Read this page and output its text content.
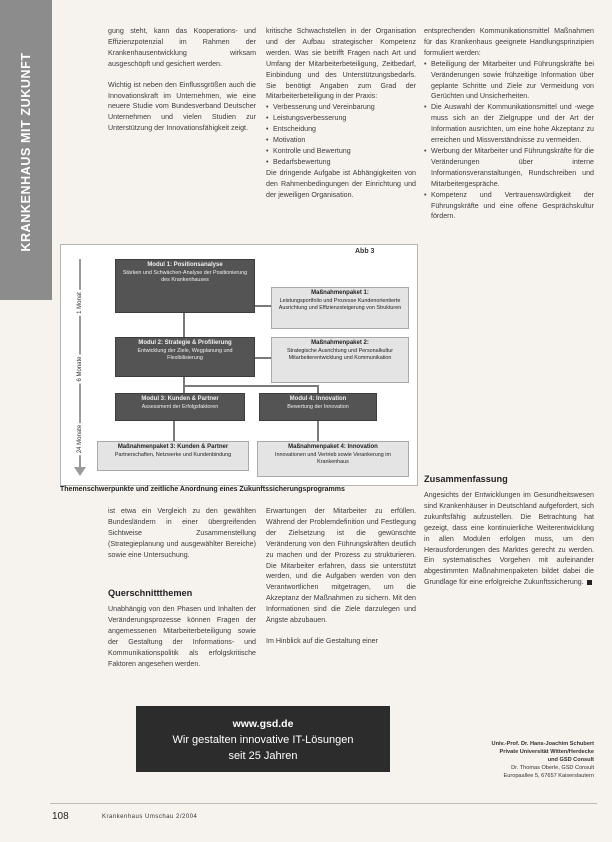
KRANKENHAUS MIT ZUKUNFT

gung steht, kann das Kooperations- und Effizienzpotenzial im Rahmen der Krankenhausentwicklung wirksam ausgeschöpft und gesichert werden.

Wichtig ist neben den Einflussgrößen auch die Innovationskraft im Unternehmen, wie eine neuere Studie vom Bundesverband Deutscher Unternehmen und vielen Studien zur Unterstützung der Innovationsfähigkeit zeigt.

kritische Schwachstellen in der Organisation und der Aufbau strategischer Kompetenz werden. Was sie betrifft Fragen nach Art und Umfang der Mitarbeiterbeteiligung, Zeitbedarf, Einbindung und des Unterstützungsbedarfs. Sie benötigt Angaben zum Grad der Mitarbeiterbeteiligung in der Praxis:

• Verbesserung und Vereinbarung
• Leistungsverbesserung
• Entscheidung
• Motivation
• Kontrolle und Bewertung
• Bedarfsbewertung

Die dringende Aufgabe ist Abhängigkeiten von den Rahmenbedingungen der Einrichtung und der jeweiligen Organisation.

Abb 3
1 Monat
6 Monate
24 Monate
Modul 1: Positionsanalyse
Stärken und Schwächen-Analyse der Positionierung des Krankenhauses
Modul 2: Strategie & Profilierung
Entwicklung der Ziele, Wegplanung und Flexibilisierung
Modul 3: Kunden & Partner
Assessment der Erfolgsfaktoren
Modul 4: Innovation
Bewertung der Innovation
Maßnahmenpaket 1:
Leistungsportfolio und Prozesse Kundenorientierte Ausrichtung und Effizienzsteigerung von Strukturen
Maßnahmenpaket 2:
Strategische Ausrichtung und Personalkultur Mitarbeiterentwicklung und Kommunikation
Maßnahmenpaket 3: Kunden & Partner
Partnerschaften, Netzwerke und Kundenbindung
Maßnahmenpaket 4: Innovation
Innovationen und Vertrieb sowie Verankerung im Krankenhaus
Themenschwerpunkte und zeitliche Anordnung eines Zukunftssicherungsprogramms

ist etwa ein Vergleich zu den gewählten Bundesländern in einer übergreifenden Sichtweise Zusammenstellung (Strategieplanung und ausgewählter Bereiche) sowie eine Untersuchung.

Querschnittthemen

Unabhängig von den Phasen und Inhalten der Veränderungsprozesse können Fragen der angemessenen Mitarbeiterbeteiligung sowie der Gestaltung der Informations- und Kommunikationspolitik als erfolgskritische Faktoren angesehen werden.

Erwartungen der Mitarbeiter zu erfüllen. Während der Problemdefinition und Festlegung der Zielsetzung ist die gewünschte Veränderung von den Führungskräften deutlich zu machen und der Prozess zu strukturieren. Die Mitarbeiter erfahren, dass sie unterstützt werden, und die Aufgaben werden von den Verantwortlichen mitgetragen, um die Akzeptanz der Maßnahmen zu sichern. Mit den Informationen sind die Ziele darzulegen und Ängste abzubauen.

Im Hinblick auf die Gestaltung einer

entsprechenden Kommunikationsmittel Maßnahmen für das Krankenhaus geeignete Handlungsprinzipien formuliert werden:

• Beteiligung der Mitarbeiter und Führungskräfte bei Veränderungen sowie frühzeitige Information über geplante Schritte und Ziele zur Vermeidung von Gerüchten und Unsicherheiten.
• Die Auswahl der Kommunikationsmittel und -wege muss sich an der Zielgruppe und der Art der Information ausrichten, um eine hohe Akzeptanz zu erreichen und Missverständnisse zu vermeiden.
• Werbung der Mitarbeiter und Führungskräfte für die Veränderungen über interne Informationsveranstaltungen, Rundschreiben und Mitarbeitergespräche.
• Kompetenz und Vertrauenswürdigkeit der Führungskräfte und eine offene Gesprächskultur fördern.
Zusammenfassung

Angesichts der Entwicklungen im Gesundheitswesen sind Krankenhäuser in Deutschland aufgefordert, sich zukunftsfähig aufzustellen. Die Betrachtung hat gezeigt, dass eine kontinuierliche Weiterentwicklung in allen Modulen erfolgen muss, um den Herausforderungen des Marktes gerecht zu werden. Ein systematisches Vorgehen mit aufeinander abgestimmten Maßnahmenpaketen bildet dabei die Grundlage für eine erfolgreiche Zukunftssicherung.

www.gsd.de
Wir gestalten innovative IT-Lösungen
seit 25 Jahren
Univ.-Prof. Dr. Hans-Joachim Schubert
Private Universität Witten/Herdecke
und GSD Consult
Dr. Thomas Oberle, GSD Consult
Europaallee 5, 67657 Kaiserslautern
108	Krankenhaus Umschau 2/2004
